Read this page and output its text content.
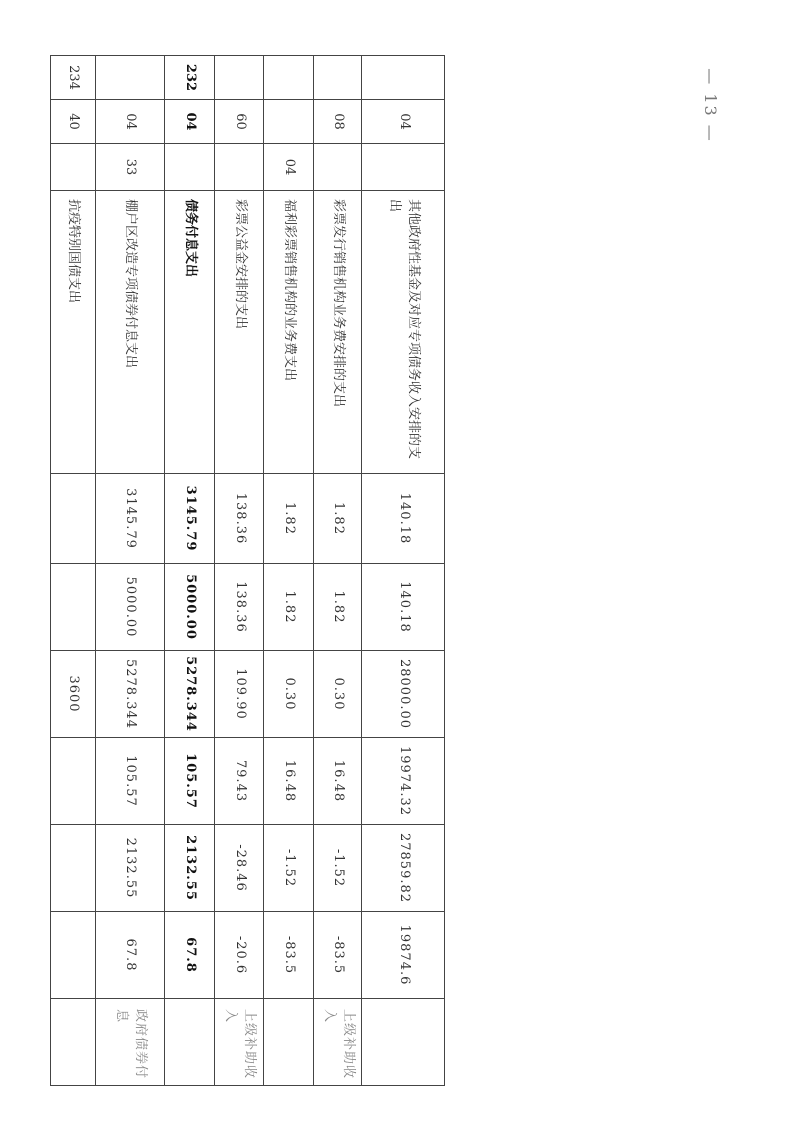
— 13 —
	04		其他政府性基金及对应专项债务收入安排的支出	140.18	140.18	28000.00	19974.32	27859.82	19874.6	
	08		彩票发行销售机构业务费安排的支出	1.82	1.82	0.30	16.48	-1.52	-83.5	上级补助收入
		04	福利彩票销售机构的业务费支出	1.82	1.82	0.30	16.48	-1.52	-83.5	
	60		彩票公益金安排的支出	138.36	138.36	109.90	79.43	-28.46	-20.6	上级补助收入
232	04		债务付息支出	3145.79	5000.00	5278.344	105.57	2132.55	67.8	
	04	33	棚户区改造专项债券付息支出	3145.79	5000.00	5278.344	105.57	2132.55	67.8	政府债券付息
234	40		抗疫特别国债支出			3600				
